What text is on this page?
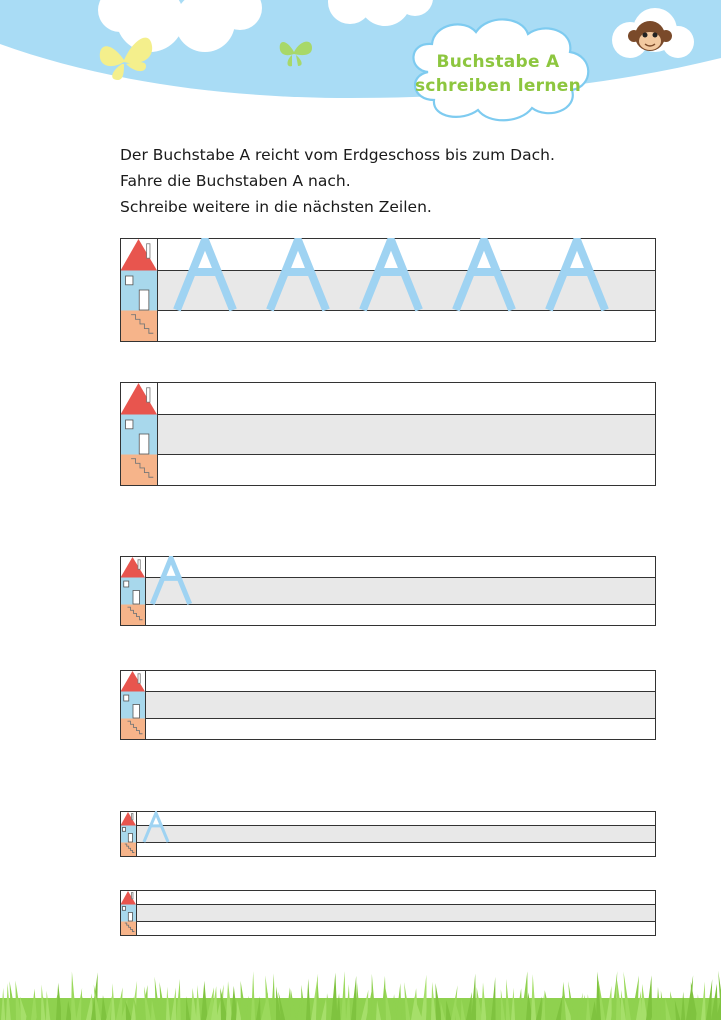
Buchstabe A
schreiben lernen

Der Buchstabe A reicht vom Erdgeschoss bis zum Dach.

Fahre die Buchstaben A nach.

Schreibe weitere in die nächsten Zeilen.
